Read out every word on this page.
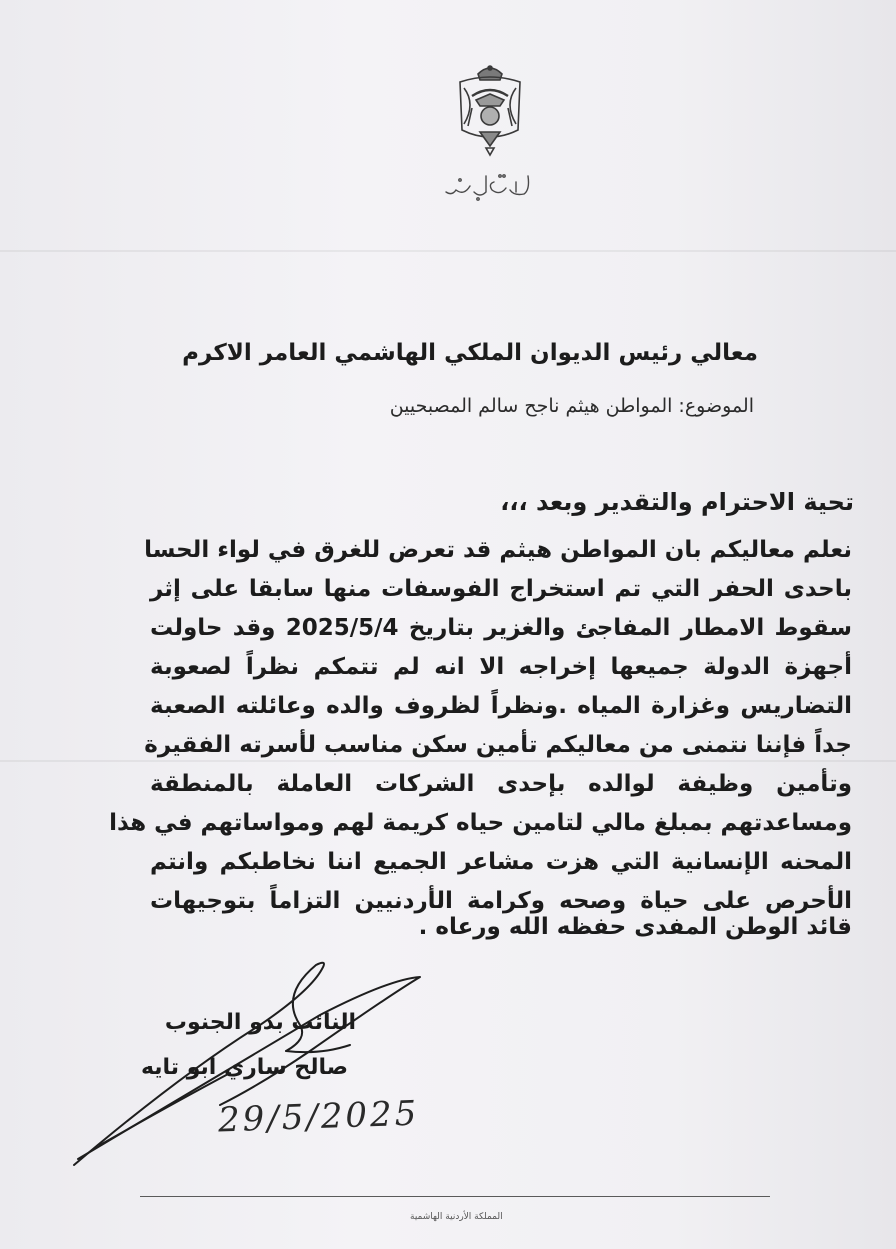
معالي رئيس الديوان الملكي الهاشمي العامر الاكرم
الموضوع: المواطن هيثم ناجح سالم المصبحيين
تحية الاحترام والتقدير وبعد ،،،
نعلم معاليكم بان المواطن هيثم قد تعرض للغرق في لواء الحسا
باحدى الحفر التي تم استخراج الفوسفات منها سابقا على إثر
سقوط الامطار المفاجئ والغزير بتاريخ 2025/5/4 وقد حاولت
أجهزة الدولة جميعها إخراجه الا انه لم تتمكم نظراً لصعوبة
التضاريس وغزارة المياه .ونظراً لظروف والده وعائلته الصعبة
جداً فإننا نتمنى من معاليكم تأمين سكن مناسب لأسرته الفقيرة
وتأمين وظيفة لوالده بإحدى الشركات العاملة بالمنطقة
ومساعدتهم بمبلغ مالي لتامين حياه كريمة لهم ومواساتهم في هذا
المحنه الإنسانية التي هزت مشاعر الجميع اننا نخاطبكم وانتم
الأحرص على حياة وصحه وكرامة الأردنيين التزاماً بتوجيهات
قائد الوطن المفدى حفظه الله ورعاه .
النائب بدو الجنوب
صالح ساري ابو تايه
29/5/2025
المملكة الأردنية الهاشمية
